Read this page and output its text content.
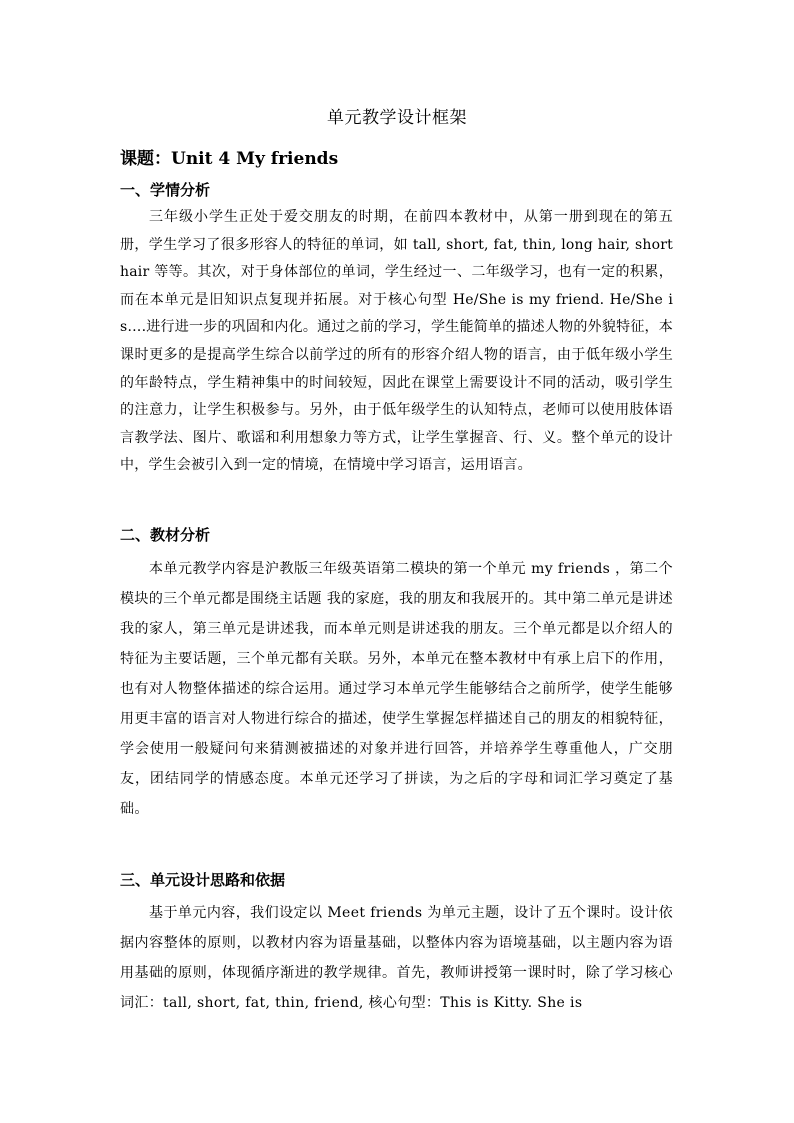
单元教学设计框架
课题：Unit 4 My friends
一、学情分析

三年级小学生正处于爱交朋友的时期，在前四本教材中，从第一册到现在的第五册，学生学习了很多形容人的特征的单词，如 tall, short, fat, thin, long hair, short hair 等等。其次，对于身体部位的单词，学生经过一、二年级学习，也有一定的积累，而在本单元是旧知识点复现并拓展。对于核心句型 He/She is my friend. He/She is….进行进一步的巩固和内化。通过之前的学习，学生能简单的描述人物的外貌特征，本课时更多的是提高学生综合以前学过的所有的形容介绍人物的语言，由于低年级小学生的年龄特点，学生精神集中的时间较短，因此在课堂上需要设计不同的活动，吸引学生的注意力，让学生积极参与。另外，由于低年级学生的认知特点，老师可以使用肢体语言教学法、图片、歌谣和利用想象力等方式，让学生掌握音、行、义。整个单元的设计中，学生会被引入到一定的情境，在情境中学习语言，运用语言。

二、教材分析

本单元教学内容是沪教版三年级英语第二模块的第一个单元 my friends ，第二个模块的三个单元都是围绕主话题 我的家庭，我的朋友和我展开的。其中第二单元是讲述我的家人，第三单元是讲述我，而本单元则是讲述我的朋友。三个单元都是以介绍人的特征为主要话题，三个单元都有关联。另外，本单元在整本教材中有承上启下的作用，也有对人物整体描述的综合运用。通过学习本单元学生能够结合之前所学，使学生能够用更丰富的语言对人物进行综合的描述，使学生掌握怎样描述自己的朋友的相貌特征，学会使用一般疑问句来猜测被描述的对象并进行回答，并培养学生尊重他人，广交朋友，团结同学的情感态度。本单元还学习了拼读，为之后的字母和词汇学习奠定了基础。

三、单元设计思路和依据

基于单元内容，我们设定以 Meet friends 为单元主题，设计了五个课时。设计依据内容整体的原则，以教材内容为语量基础，以整体内容为语境基础，以主题内容为语用基础的原则，体现循序渐进的教学规律。首先，教师讲授第一课时时，除了学习核心词汇：tall, short, fat, thin, friend, 核心句型：This is Kitty. She is
